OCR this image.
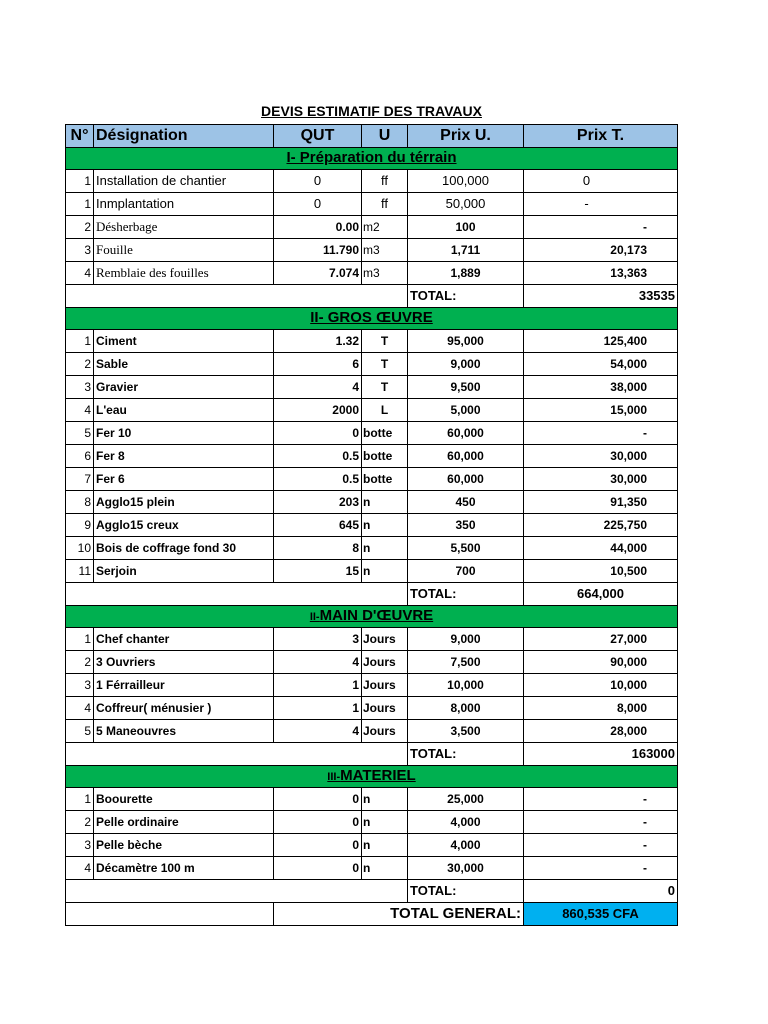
DEVIS ESTIMATIF DES TRAVAUX
N°	Désignation	QUT	U	Prix U.	Prix T.
I- Préparation du térrain					
1	Installation de chantier	0	ff	100,000	0
1	Inmplantation	0	ff	50,000	-
2	Désherbage	0.00	m2	100	-
3	Fouille	11.790	m3	1,711	20,173
4	Remblaie des fouilles	7.074	m3	1,889	13,363
				TOTAL:	33535
II- GROS ŒUVRE					
1	Ciment	1.32	T	95,000	125,400
2	Sable	6	T	9,000	54,000
3	Gravier	4	T	9,500	38,000
4	L'eau	2000	L	5,000	15,000
5	Fer 10	0	botte	60,000	-
6	Fer 8	0.5	botte	60,000	30,000
7	Fer 6	0.5	botte	60,000	30,000
8	Agglo15 plein	203	n	450	91,350
9	Agglo15 creux	645	n	350	225,750
10	Bois de coffrage fond 30	8	n	5,500	44,000
11	Serjoin	15	n	700	10,500
				TOTAL:	664,000
II-MAIN D'ŒUVRE					
1	Chef chanter	3	Jours	9,000	27,000
2	3 Ouvriers	4	Jours	7,500	90,000
3	1 Férrailleur	1	Jours	10,000	10,000
4	Coffreur( ménusier )	1	Jours	8,000	8,000
5	5 Maneouvres	4	Jours	3,500	28,000
				TOTAL:	163000
III-MATERIEL					
1	Boourette	0	n	25,000	-
2	Pelle ordinaire	0	n	4,000	-
3	Pelle bèche	0	n	4,000	-
4	Décamètre 100 m	0	n	30,000	-
				TOTAL:	0
		TOTAL GENERAL:			860,535 CFA
